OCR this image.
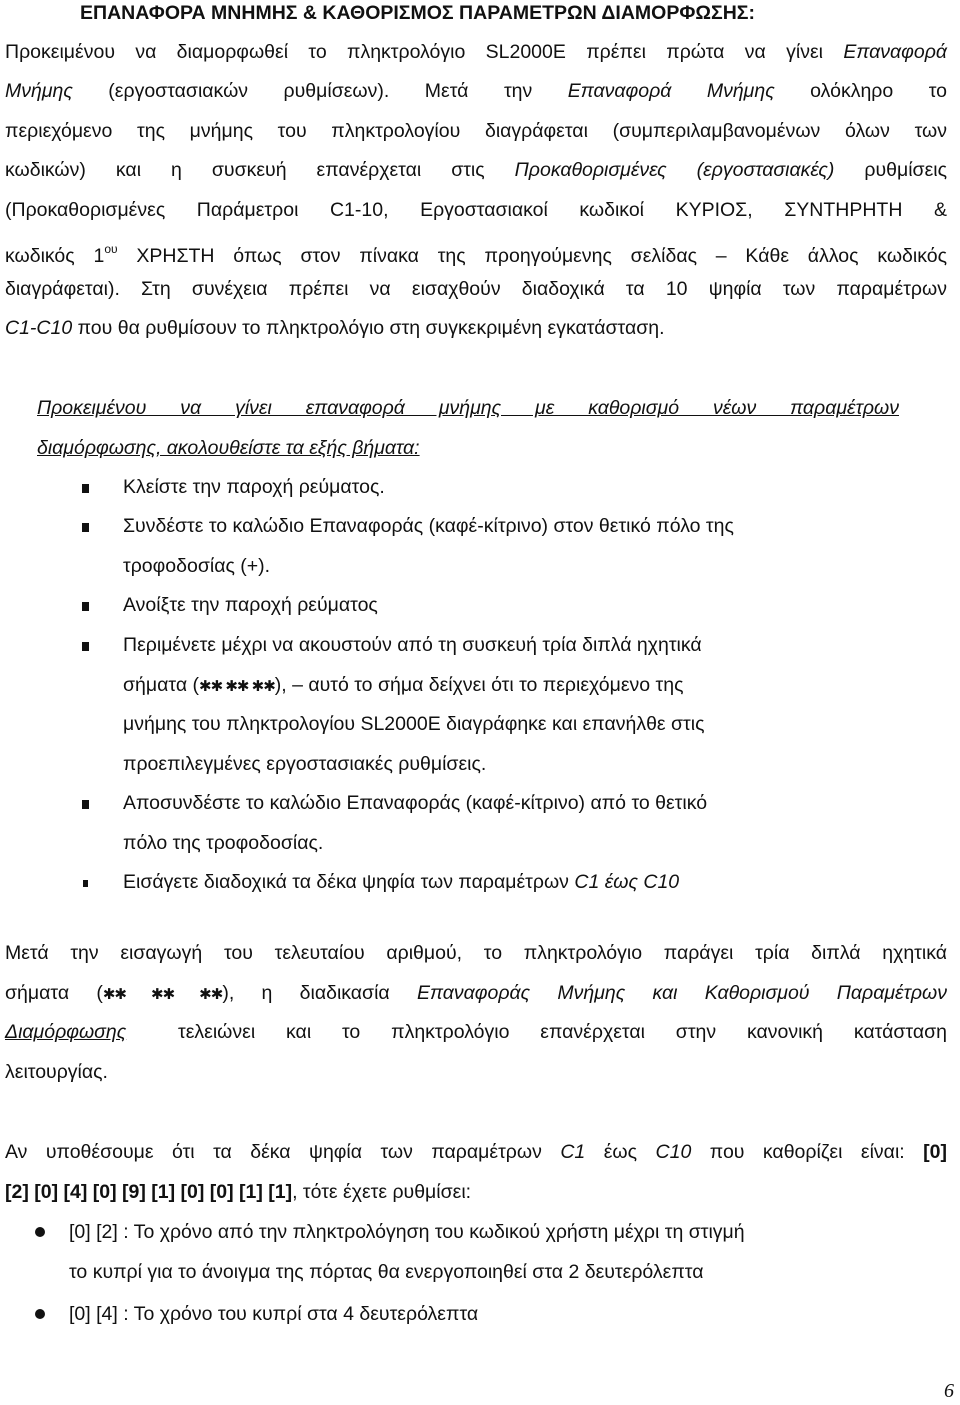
ΕΠΑΝΑΦΟΡΑ ΜΝΗΜΗΣ & ΚΑΘΟΡΙΣΜΟΣ ΠΑΡΑΜΕΤΡΩΝ ΔΙΑΜΟΡΦΩΣΗΣ:
Προκειμένου να διαμορφωθεί το πληκτρολόγιο SL2000E πρέπει πρώτα να γίνει Επαναφορά
Μνήμης (εργοστασιακών ρυθμίσεων). Μετά την Επαναφορά Μνήμης ολόκληρο το
περιεχόμενο της μνήμης του πληκτρολογίου διαγράφεται (συμπεριλαμβανομένων όλων των
κωδικών) και η συσκευή επανέρχεται στις Προκαθορισμένες (εργοστασιακές) ρυθμίσεις
(Προκαθορισμένες Παράμετροι C1-10, Εργοστασιακοί κωδικοί ΚΥΡΙΟΣ, ΣΥΝΤΗΡΗΤΗ &
κωδικός $1^{o\upsilon}$ ΧΡΗΣΤΗ όπως στον πίνακα της προηγούμενης σελίδας – Κάθε άλλος κωδικός
διαγράφεται). Στη συνέχεια πρέπει να εισαχθούν διαδοχικά τα 10 ψηφία των παραμέτρων
C1-C10 που θα ρυθμίσουν το πληκτρολόγιο στη συγκεκριμένη εγκατάσταση.
Προκειμένου να γίνει επαναφορά μνήμης με καθορισμό νέων παραμέτρων
διαμόρφωσης, ακολουθείστε τα εξής βήματα:
Κλείστε την παροχή ρεύματος.
Συνδέστε το καλώδιο Επαναφοράς (καφέ-κίτρινο) στον θετικό πόλο της
τροφοδοσίας (+).
Ανοίξτε την παροχή ρεύματος
Περιμένετε μέχρι να ακουστούν από τη συσκευή τρία διπλά ηχητικά
σήματα (✱✱ ✱✱ ✱✱), – αυτό το σήμα δείχνει ότι το περιεχόμενο της
μνήμης του πληκτρολογίου SL2000E διαγράφηκε και επανήλθε στις
προεπιλεγμένες εργοστασιακές ρυθμίσεις.
Αποσυνδέστε το καλώδιο Επαναφοράς (καφέ-κίτρινο) από το θετικό
πόλο της τροφοδοσίας.
Εισάγετε διαδοχικά τα δέκα ψηφία των παραμέτρων C1 έως C10
Μετά την εισαγωγή του τελευταίου αριθμού, το πληκτρολόγιο παράγει τρία διπλά ηχητικά
σήματα (✱✱ ✱✱ ✱✱), η διαδικασία Επαναφοράς Μνήμης και Καθορισμού Παραμέτρων
Διαμόρφωσης	τελειώνει και το πληκτρολόγιο επανέρχεται στην κανονική κατάσταση
λειτουργίας.
Αν υποθέσουμε ότι τα δέκα ψηφία των παραμέτρων C1 έως C10 που καθορίζει είναι: [0]
[2] [0] [4] [0] [9] [1] [0] [0] [1] [1], τότε έχετε ρυθμίσει:
[0] [2] : Το χρόνο από την πληκτρολόγηση του κωδικού χρήστη μέχρι τη στιγμή
το κυπρί για το άνοιγμα της πόρτας θα ενεργοποιηθεί στα 2 δευτερόλεπτα
[0] [4] : Το χρόνο του κυπρί στα 4 δευτερόλεπτα
6
